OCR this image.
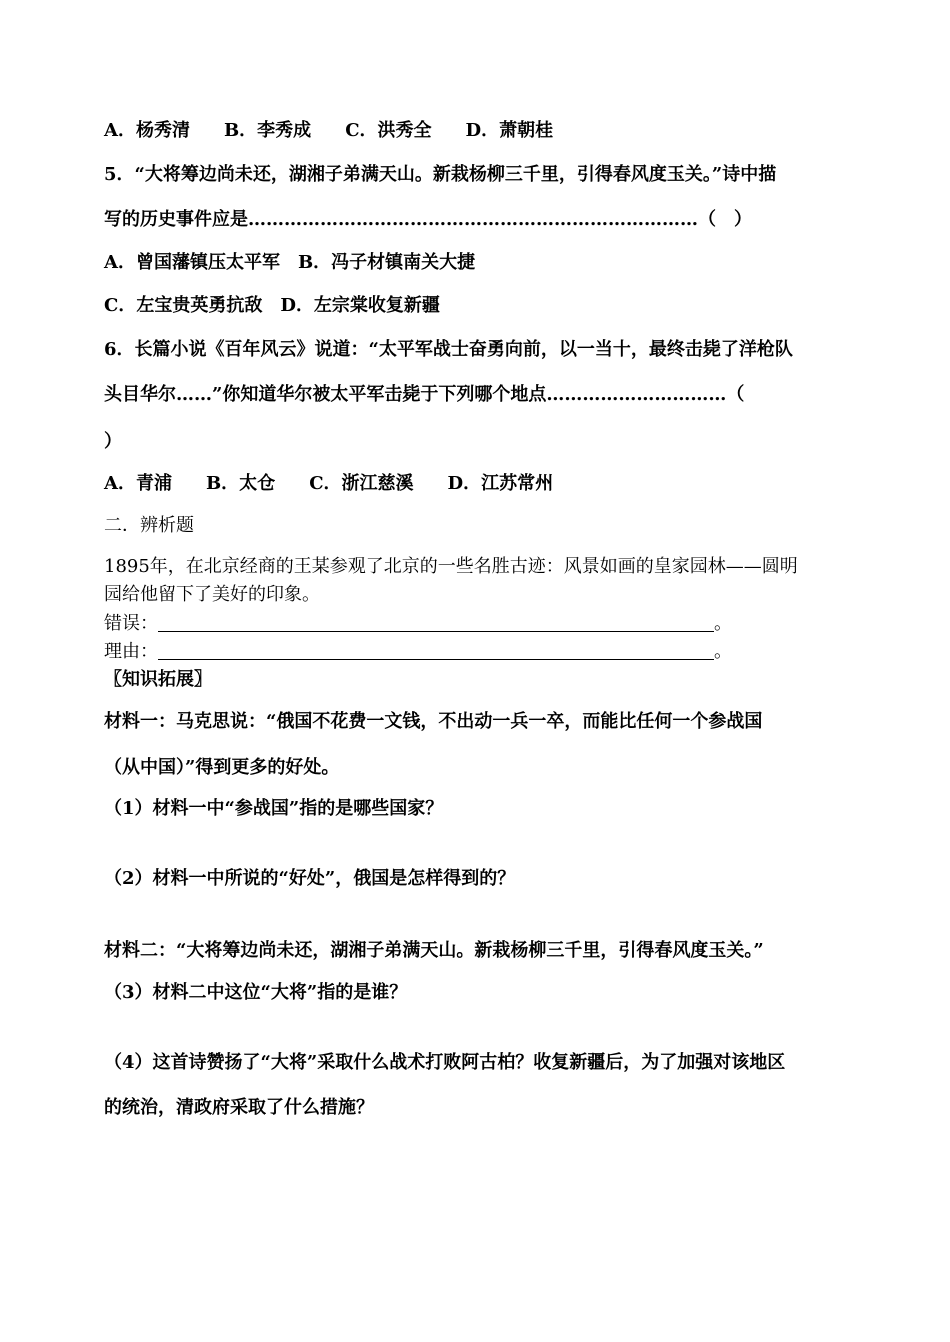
A．杨秀清 B．李秀成 C．洪秀全 D．萧朝桂
5．“大将筹边尚未还，湖湘子弟满天山。新栽杨柳三千里，引得春风度玉关。”诗中描
写的历史事件应是…………………………………………………………………（　）
A．曾国藩镇压太平军 B．冯子材镇南关大捷
C．左宝贵英勇抗敌 D．左宗棠收复新疆
6．长篇小说《百年风云》说道：“太平军战士奋勇向前，以一当十，最终击毙了洋枪队
头目华尔……”你知道华尔被太平军击毙于下列哪个地点…………………………（
）
A．青浦 B．太仓 C．浙江慈溪 D．江苏常州
二．辨析题
1895年，在北京经商的王某参观了北京的一些名胜古迹：风景如画的皇家园林——圆明
园给他留下了美好的印象。
错误：	。
理由：	。
〖知识拓展〗
材料一：马克思说：“俄国不花费一文钱，不出动一兵一卒，而能比任何一个参战国
（从中国）”得到更多的好处。
（1）材料一中“参战国”指的是哪些国家？
（2）材料一中所说的“好处”，俄国是怎样得到的？
材料二：“大将筹边尚未还，湖湘子弟满天山。新栽杨柳三千里，引得春风度玉关。”
（3）材料二中这位“大将”指的是谁？
（4）这首诗赞扬了“大将”采取什么战术打败阿古柏？收复新疆后，为了加强对该地区
的统治，清政府采取了什么措施？
